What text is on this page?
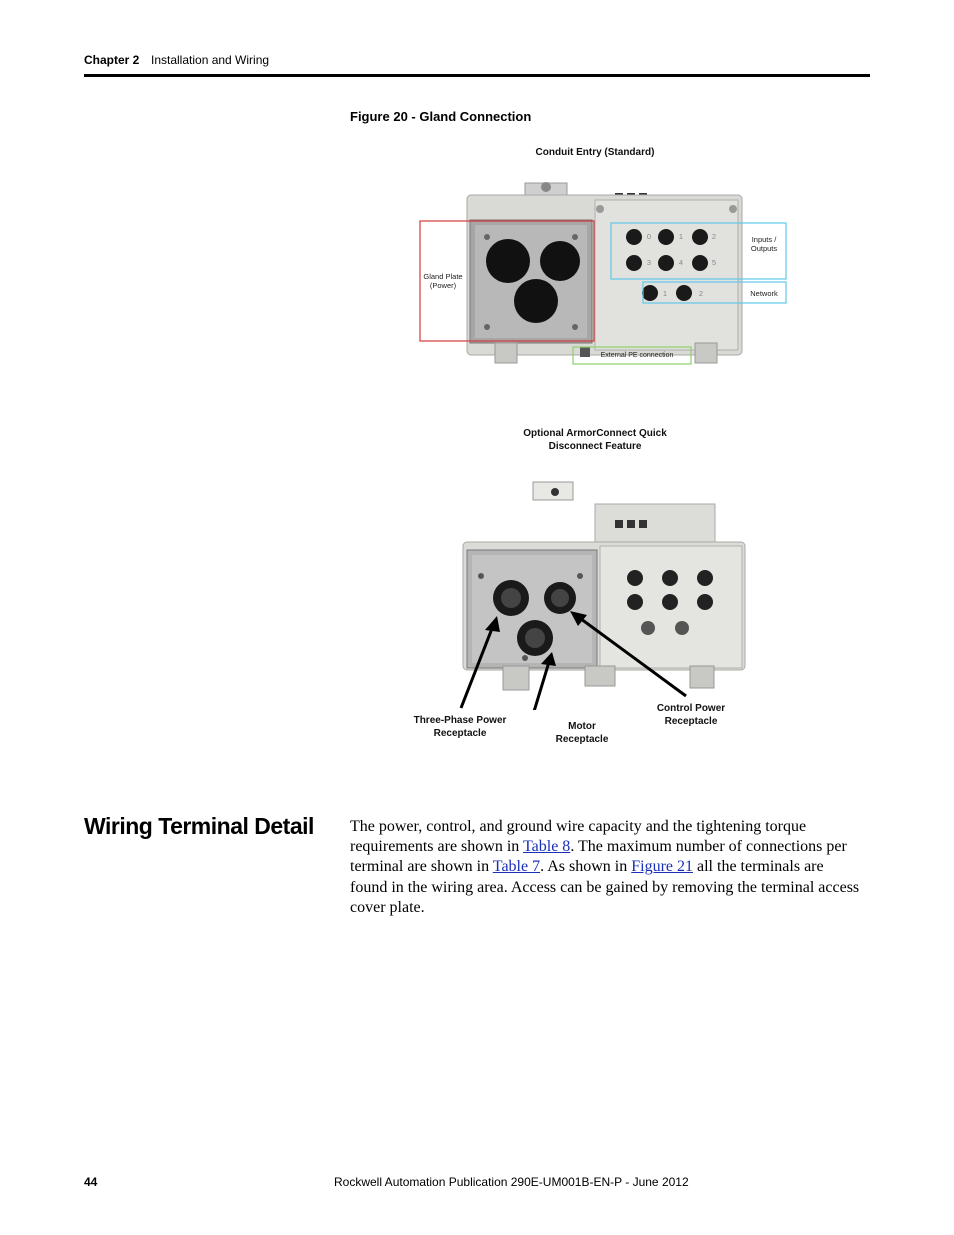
Chapter 2 Installation and Wiring
Figure 20 - Gland Connection
Conduit Entry (Standard)
Gland Plate
(Power)
Inputs /
Outputs
Network
External PE connection
0	1	2
3	4	5
1	2
Optional ArmorConnect Quick
Disconnect Feature
Three-Phase Power
Receptacle
Motor
Receptacle
Control Power
Receptacle
Wiring Terminal Detail The power, control, and ground wire capacity and the tightening torque requirements are shown in Table 8. The maximum number of connections per terminal are shown in Table 7. As shown in Figure 21 all the terminals are found in the wiring area. Access can be gained by removing the terminal access cover plate.
44	Rockwell Automation Publication 290E-UM001B-EN-P - June 2012
